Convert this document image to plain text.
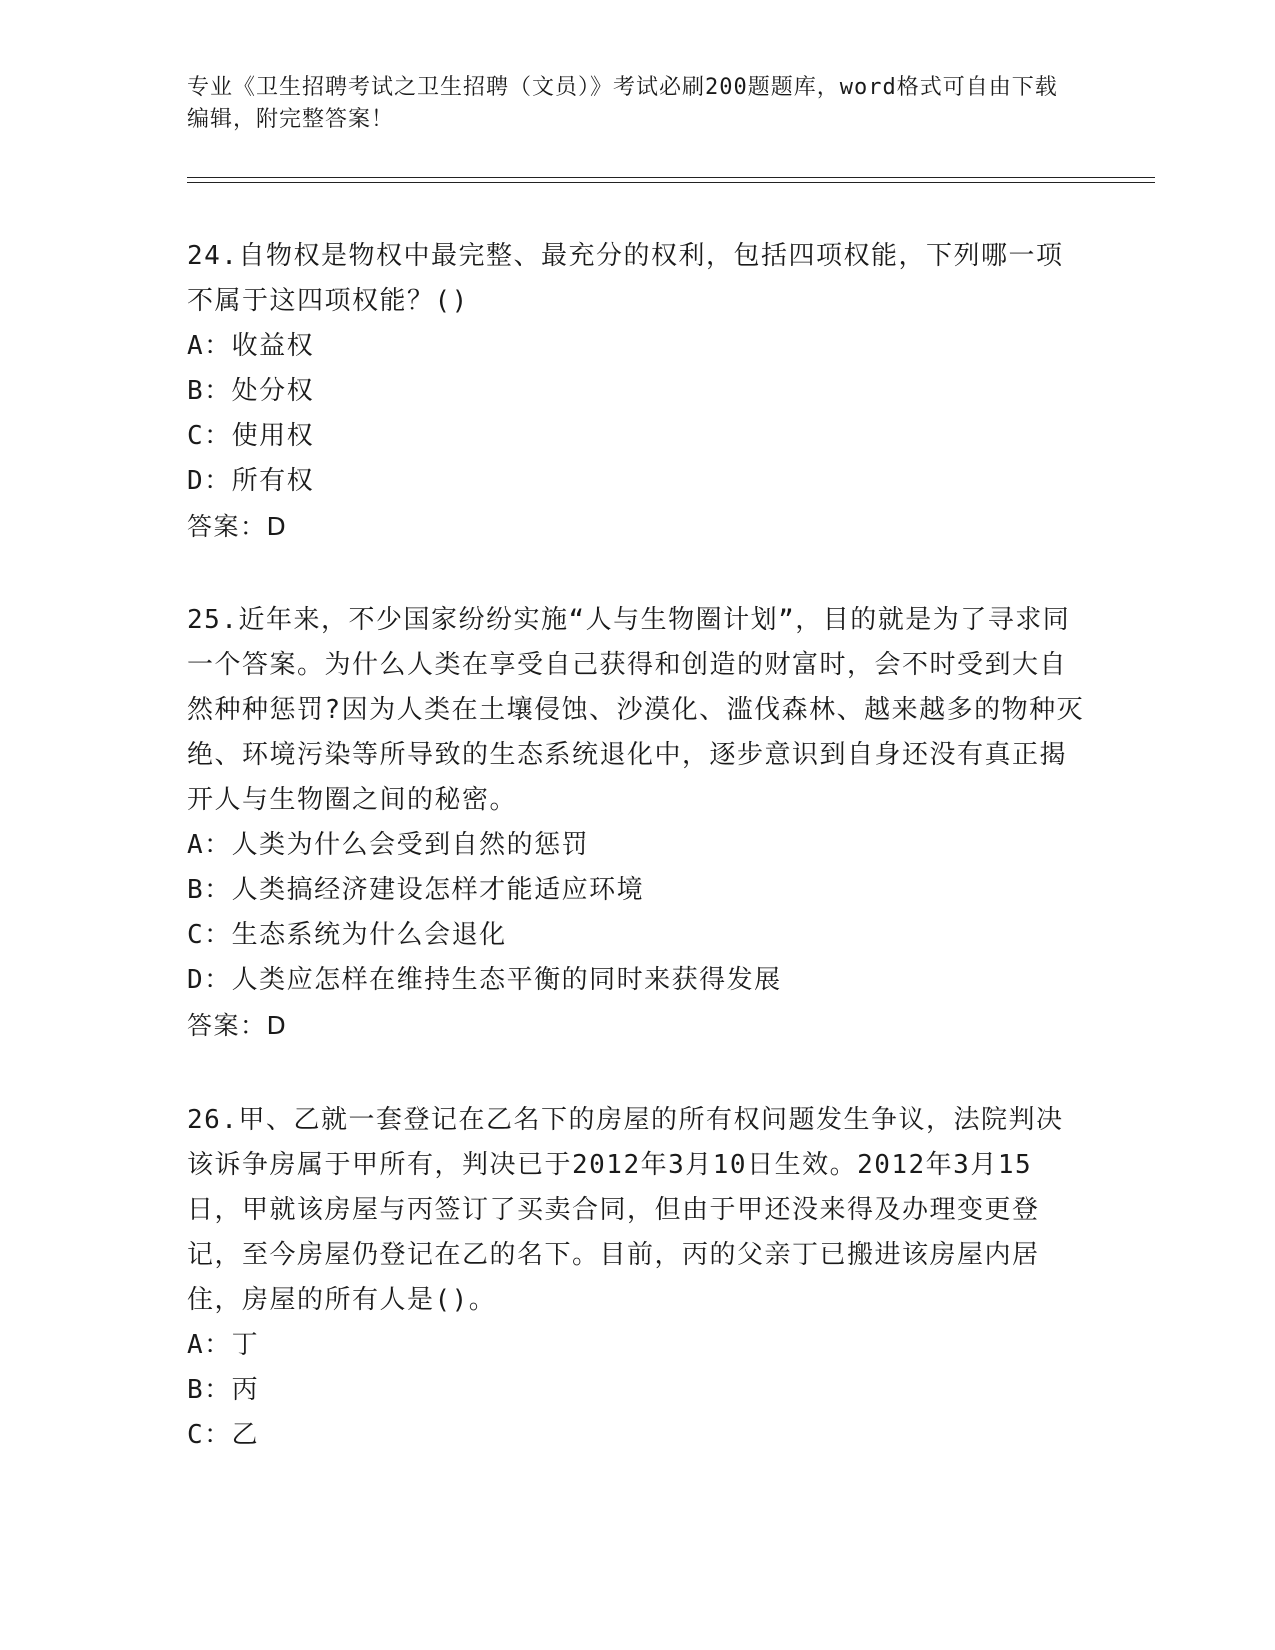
专业《卫生招聘考试之卫生招聘（文员）》考试必刷200题题库，word格式可自由下载编辑，附完整答案！

24.自物权是物权中最完整、最充分的权利，包括四项权能，下列哪一项不属于这四项权能？()

A：收益权

B：处分权

C：使用权

D：所有权

答案：D

25.近年来，不少国家纷纷实施“人与生物圈计划”，目的就是为了寻求同一个答案。为什么人类在享受自己获得和创造的财富时，会不时受到大自然种种惩罚?因为人类在土壤侵蚀、沙漠化、滥伐森林、越来越多的物种灭绝、环境污染等所导致的生态系统退化中，逐步意识到自身还没有真正揭开人与生物圈之间的秘密。

A：人类为什么会受到自然的惩罚

B：人类搞经济建设怎样才能适应环境

C：生态系统为什么会退化

D：人类应怎样在维持生态平衡的同时来获得发展

答案：D

26.甲、乙就一套登记在乙名下的房屋的所有权问题发生争议，法院判决该诉争房属于甲所有，判决已于2012年3月10日生效。2012年3月15日，甲就该房屋与丙签订了买卖合同，但由于甲还没来得及办理变更登记，至今房屋仍登记在乙的名下。目前，丙的父亲丁已搬进该房屋内居住，房屋的所有人是()。

A：丁

B：丙

C：乙
